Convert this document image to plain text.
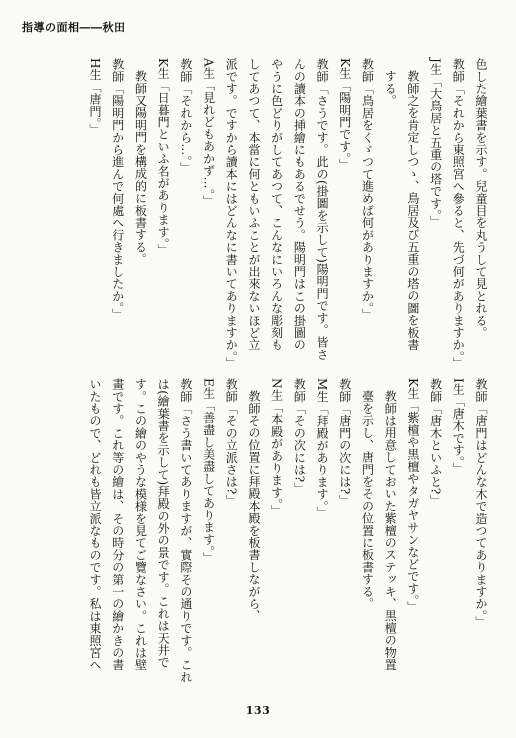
指導の面相――秋田
色した繪葉書を示す。兒童目を丸うして見とれる。
教師「それから東照宮へ參ると、先づ何がありますか。」
J生「大鳥居と五重の塔です。」
教師之を肯定しつゝ、鳥居及び五重の塔の圖を板書
する。
教師「鳥居をくゞつて進めば何がありますか。」
K生「陽明門です。」
教師「さうです。此の(掛圖を示して)陽明門です。皆さ
んの讀本の挿繪にもあるでせう。陽明門はこの掛圖の
やうに色どりがしてあつて、こんなにいろんな彫刻も
してあつて、本當に何ともいふことが出來ないほど立
派です。ですから讀本にはどんなに書いてありますか。」
A生「見れどもあかず…。」
教師「それから…。」
K生「日暮門といふ名があります。」
教師又陽明門を構成的に板書する。
教師「陽明門から進んで何處へ行きましたか。」
H生「唐門。」
教師「唐門はどんな木で造つてありますか。」
I生「唐木です。」
教師「唐木といふと?」
K生「紫檀や黒檀やタガヤサンなどです。」
教師は用意しておいた紫檀のステッキ、黒檀の物置
臺を示し、唐門をその位置に板書する。
教師「唐門の次には?」
M生「拜殿があります。」
教師「その次には?」
N生「本殿があります。」
教師その位置に拜殿本殿を板書しながら、
教師「その立派さは?」
E生「善盡し美盡してあります。」
教師「さう書いてありますが、實際その通りです。これ
は(繪葉書を示して)拜殿の外の景です。これは天井で
す。この繪のやうな模様を見てご覽なさい。これは壁
畫です。これ等の繪は、その時分の第一の繪かきの書
いたもので、どれも皆立派なものです。私は東照宮へ
133
